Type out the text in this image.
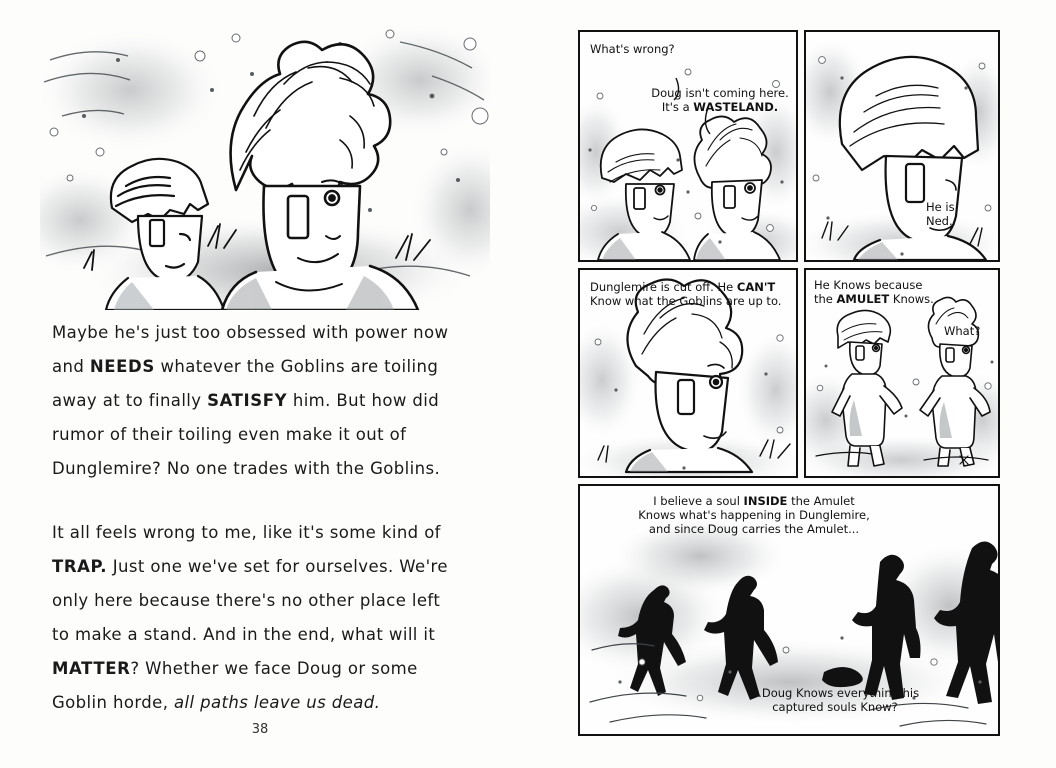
Maybe he's just too obsessed with power now and NEEDS whatever the Goblins are toiling away at to finally SATISFY him. But how did rumor of their toiling even make it out of Dunglemire? No one trades with the Goblins.

It all feels wrong to me, like it's some kind of TRAP. Just one we've set for ourselves. We're only here because there's no other place left to make a stand. And in the end, what will it MATTER? Whether we face Doug or some Goblin horde, all paths leave us dead.

38
What's wrong?
Doug isn't coming here.
It's a WASTELAND.
He is,
Ned.
Dunglemire is cut off. He CAN'T
Know what the Goblins are up to.
He Knows because
the AMULET Knows.
What?
I believe a soul INSIDE the Amulet
Knows what's happening in Dunglemire,
and since Doug carries the Amulet...
...Doug Knows everything his
captured souls Know?
